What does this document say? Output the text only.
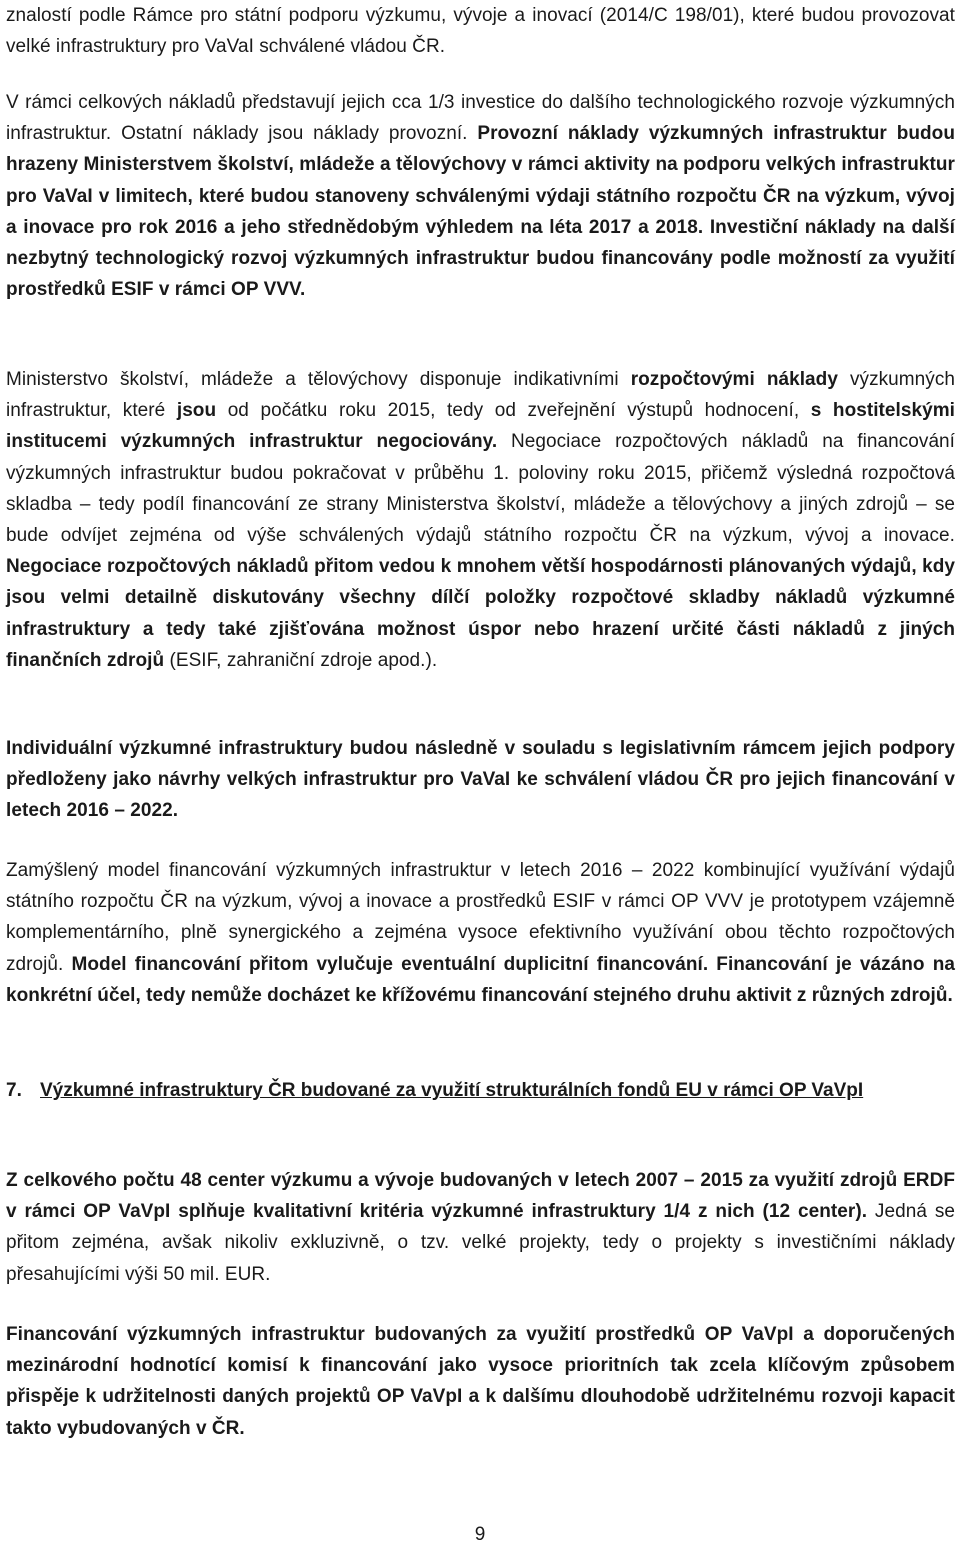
znalostí podle Rámce pro státní podporu výzkumu, vývoje a inovací (2014/C 198/01), které budou provozovat velké infrastruktury pro VaVaI schválené vládou ČR.

V rámci celkových nákladů představují jejich cca 1/3 investice do dalšího technologického rozvoje výzkumných infrastruktur. Ostatní náklady jsou náklady provozní. Provozní náklady výzkumných infrastruktur budou hrazeny Ministerstvem školství, mládeže a tělovýchovy v rámci aktivity na podporu velkých infrastruktur pro VaVaI v limitech, které budou stanoveny schválenými výdaji státního rozpočtu ČR na výzkum, vývoj a inovace pro rok 2016 a jeho střednědobým výhledem na léta 2017 a 2018. Investiční náklady na další nezbytný technologický rozvoj výzkumných infrastruktur budou financovány podle možností za využití prostředků ESIF v rámci OP VVV.

Ministerstvo školství, mládeže a tělovýchovy disponuje indikativními rozpočtovými náklady výzkumných infrastruktur, které jsou od počátku roku 2015, tedy od zveřejnění výstupů hodnocení, s hostitelskými institucemi výzkumných infrastruktur negociovány. Negociace rozpočtových nákladů na financování výzkumných infrastruktur budou pokračovat v průběhu 1. poloviny roku 2015, přičemž výsledná rozpočtová skladba – tedy podíl financování ze strany Ministerstva školství, mládeže a tělovýchovy a jiných zdrojů – se bude odvíjet zejména od výše schválených výdajů státního rozpočtu ČR na výzkum, vývoj a inovace. Negociace rozpočtových nákladů přitom vedou k mnohem větší hospodárnosti plánovaných výdajů, kdy jsou velmi detailně diskutovány všechny dílčí položky rozpočtové skladby nákladů výzkumné infrastruktury a tedy také zjišťována možnost úspor nebo hrazení určité části nákladů z jiných finančních zdrojů (ESIF, zahraniční zdroje apod.).

Individuální výzkumné infrastruktury budou následně v souladu s legislativním rámcem jejich podpory předloženy jako návrhy velkých infrastruktur pro VaVaI ke schválení vládou ČR pro jejich financování v letech 2016 – 2022.

Zamýšlený model financování výzkumných infrastruktur v letech 2016 – 2022 kombinující využívání výdajů státního rozpočtu ČR na výzkum, vývoj a inovace a prostředků ESIF v rámci OP VVV je prototypem vzájemně komplementárního, plně synergického a zejména vysoce efektivního využívání obou těchto rozpočtových zdrojů. Model financování přitom vylučuje eventuální duplicitní financování. Financování je vázáno na konkrétní účel, tedy nemůže docházet ke křížovému financování stejného druhu aktivit z různých zdrojů.

7. Výzkumné infrastruktury ČR budované za využití strukturálních fondů EU v rámci OP VaVpI

Z celkového počtu 48 center výzkumu a vývoje budovaných v letech 2007 – 2015 za využití zdrojů ERDF v rámci OP VaVpI splňuje kvalitativní kritéria výzkumné infrastruktury 1/4 z nich (12 center). Jedná se přitom zejména, avšak nikoliv exkluzivně, o tzv. velké projekty, tedy o projekty s investičními náklady přesahujícími výši 50 mil. EUR.

Financování výzkumných infrastruktur budovaných za využití prostředků OP VaVpI a doporučených mezinárodní hodnotící komisí k financování jako vysoce prioritních tak zcela klíčovým způsobem přispěje k udržitelnosti daných projektů OP VaVpI a k dalšímu dlouhodobě udržitelnému rozvoji kapacit takto vybudovaných v ČR.

9
